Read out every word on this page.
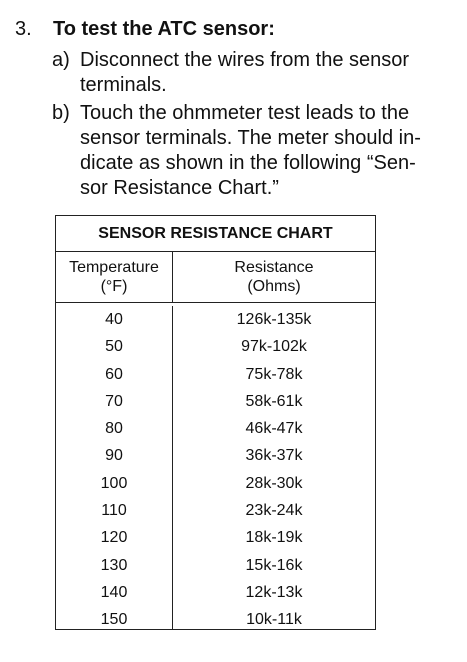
3. To test the ATC sensor:
a) Disconnect the wires from the sensor
terminals.
b) Touch the ohmmeter test leads to the
sensor terminals. The meter should in-
dicate as shown in the following “Sen-
sor Resistance Chart.”
SENSOR RESISTANCE CHART
Temperature
(°F)
Resistance
(Ohms)
40
50
60
70
80
90
100
110
120
130
140
150
126k-135k
97k-102k
75k-78k
58k-61k
46k-47k
36k-37k
28k-30k
23k-24k
18k-19k
15k-16k
12k-13k
10k-11k
